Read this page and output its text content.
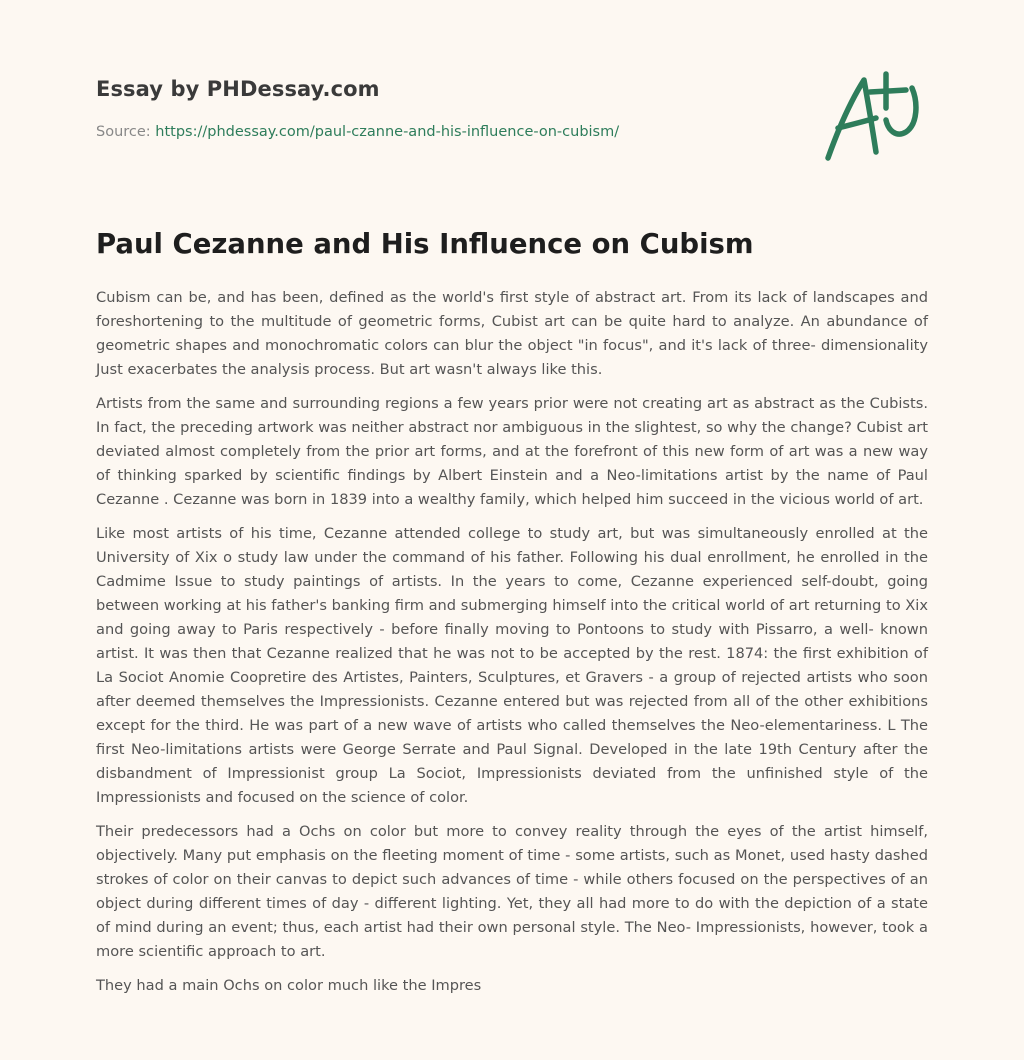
Essay by PHDessay.com
Source: https://phdessay.com/paul-czanne-and-his-influence-on-cubism/
Paul Cezanne and His Influence on Cubism

Cubism can be, and has been, defined as the world's first style of abstract art. From its lack of landscapes and foreshortening to the multitude of geometric forms, Cubist art can be quite hard to analyze. An abundance of geometric shapes and monochromatic colors can blur the object "in focus", and it's lack of three- dimensionality Just exacerbates the analysis process. But art wasn't always like this.

Artists from the same and surrounding regions a few years prior were not creating art as abstract as the Cubists. In fact, the preceding artwork was neither abstract nor ambiguous in the slightest, so why the change? Cubist art deviated almost completely from the prior art forms, and at the forefront of this new form of art was a new way of thinking sparked by scientific findings by Albert Einstein and a Neo-limitations artist by the name of Paul Cezanne . Cezanne was born in 1839 into a wealthy family, which helped him succeed in the vicious world of art.

Like most artists of his time, Cezanne attended college to study art, but was simultaneously enrolled at the University of Xix o study law under the command of his father. Following his dual enrollment, he enrolled in the Cadmime Issue to study paintings of artists. In the years to come, Cezanne experienced self-doubt, going between working at his father's banking firm and submerging himself into the critical world of art returning to Xix and going away to Paris respectively - before finally moving to Pontoons to study with Pissarro, a well- known artist. It was then that Cezanne realized that he was not to be accepted by the rest. 1874: the first exhibition of La Sociot Anomie Coopretire des Artistes, Painters, Sculptures, et Gravers - a group of rejected artists who soon after deemed themselves the Impressionists. Cezanne entered but was rejected from all of the other exhibitions except for the third. He was part of a new wave of artists who called themselves the Neo-elementariness. L The first Neo-limitations artists were George Serrate and Paul Signal. Developed in the late 19th Century after the disbandment of Impressionist group La Sociot, Impressionists deviated from the unfinished style of the Impressionists and focused on the science of color.

Their predecessors had a Ochs on color but more to convey reality through the eyes of the artist himself, objectively. Many put emphasis on the fleeting moment of time - some artists, such as Monet, used hasty dashed strokes of color on their canvas to depict such advances of time - while others focused on the perspectives of an object during different times of day - different lighting. Yet, they all had more to do with the depiction of a state of mind during an event; thus, each artist had their own personal style. The Neo- Impressionists, however, took a more scientific approach to art.

They had a main Ochs on color much like the Impres
